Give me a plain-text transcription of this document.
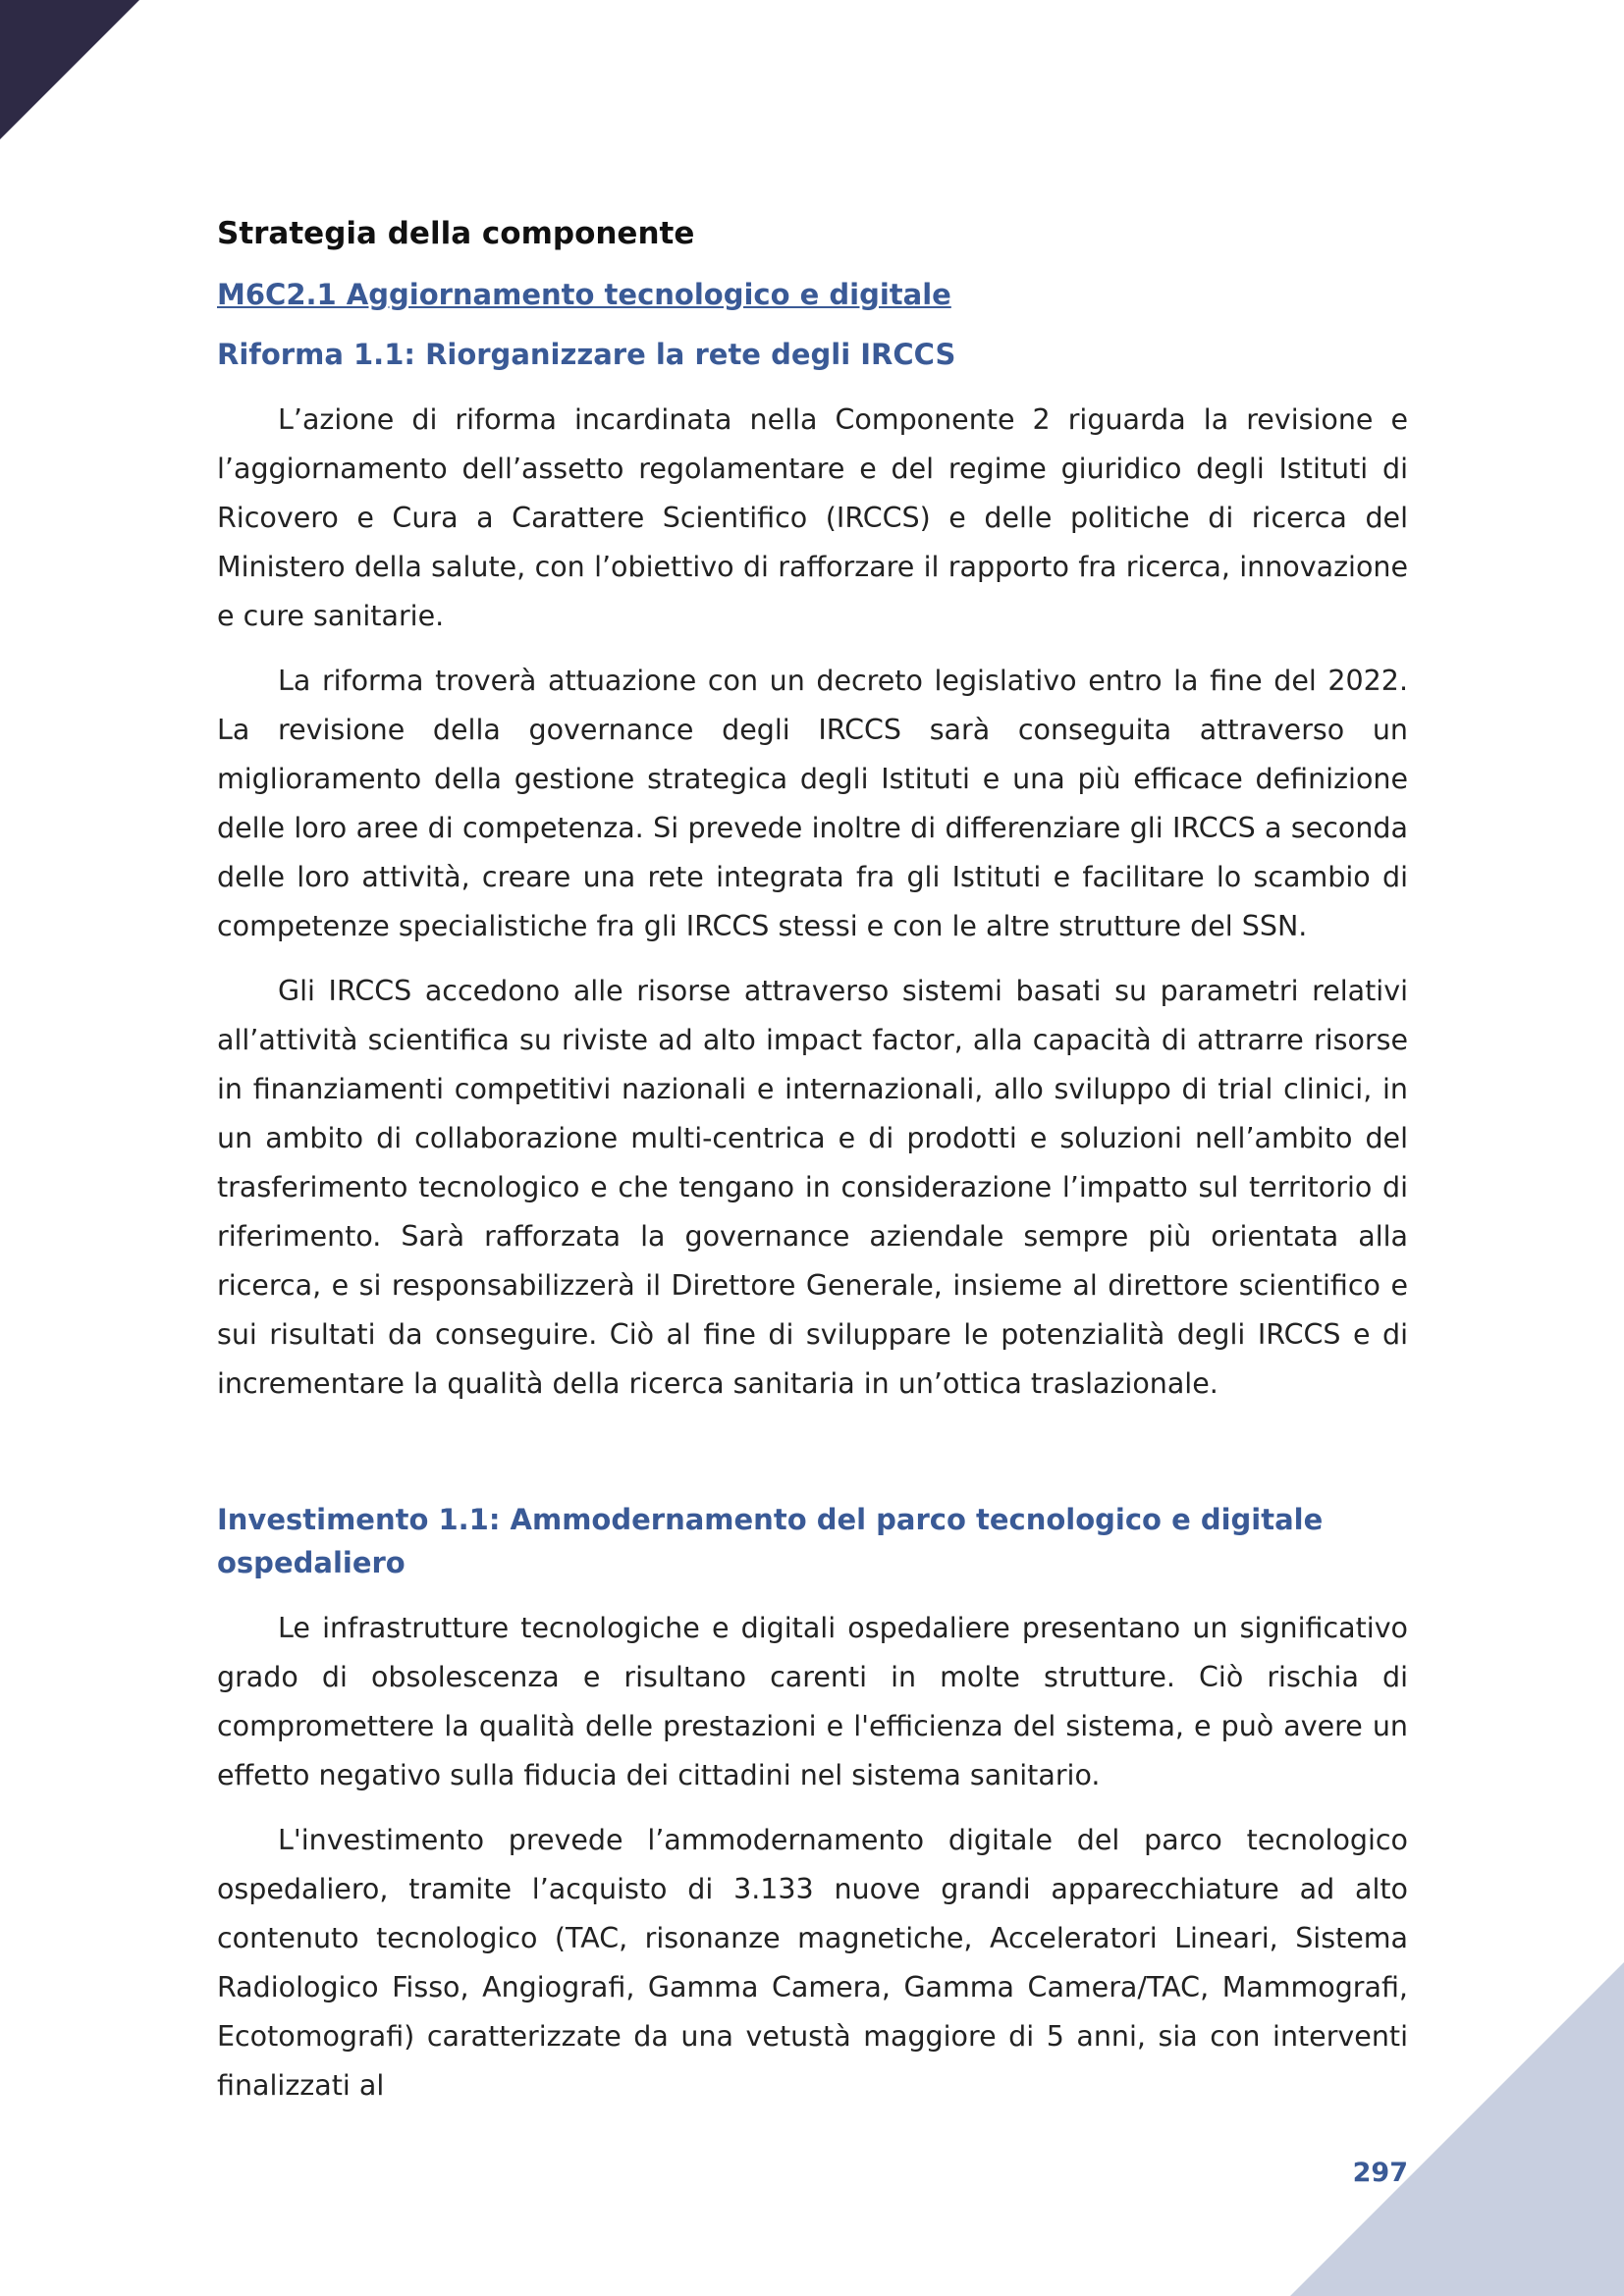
Strategia della componente
M6C2.1 Aggiornamento tecnologico e digitale
Riforma 1.1: Riorganizzare la rete degli IRCCS

L’azione di riforma incardinata nella Componente 2 riguarda la revisione e l’aggiornamento dell’assetto regolamentare e del regime giuridico degli Istituti di Ricovero e Cura a Carattere Scientifico (IRCCS) e delle politiche di ricerca del Ministero della salute, con l’obiettivo di rafforzare il rapporto fra ricerca, innovazione e cure sanitarie.

La riforma troverà attuazione con un decreto legislativo entro la fine del 2022. La revisione della governance degli IRCCS sarà conseguita attraverso un miglioramento della gestione strategica degli Istituti e una più efficace definizione delle loro aree di competenza. Si prevede inoltre di differenziare gli IRCCS a seconda delle loro attività, creare una rete integrata fra gli Istituti e facilitare lo scambio di competenze specialistiche fra gli IRCCS stessi e con le altre strutture del SSN.

Gli IRCCS accedono alle risorse attraverso sistemi basati su parametri relativi all’attività scientifica su riviste ad alto impact factor, alla capacità di attrarre risorse in finanziamenti competitivi nazionali e internazionali, allo sviluppo di trial clinici, in un ambito di collaborazione multi-centrica e di prodotti e soluzioni nell’ambito del trasferimento tecnologico e che tengano in considerazione l’impatto sul territorio di riferimento. Sarà rafforzata la governance aziendale sempre più orientata alla ricerca, e si responsabilizzerà il Direttore Generale, insieme al direttore scientifico e sui risultati da conseguire. Ciò al fine di sviluppare le potenzialità degli IRCCS e di incrementare la qualità della ricerca sanitaria in un’ottica traslazionale.

Investimento 1.1: Ammodernamento del parco tecnologico e digitale ospedaliero

Le infrastrutture tecnologiche e digitali ospedaliere presentano un significativo grado di obsolescenza e risultano carenti in molte strutture. Ciò rischia di compromettere la qualità delle prestazioni e l'efficienza del sistema, e può avere un effetto negativo sulla fiducia dei cittadini nel sistema sanitario.

L'investimento prevede l’ammodernamento digitale del parco tecnologico ospedaliero, tramite l’acquisto di 3.133 nuove grandi apparecchiature ad alto contenuto tecnologico (TAC, risonanze magnetiche, Acceleratori Lineari, Sistema Radiologico Fisso, Angiografi, Gamma Camera, Gamma Camera/TAC, Mammografi, Ecotomografi) caratterizzate da una vetustà maggiore di 5 anni, sia con interventi finalizzati al

297
